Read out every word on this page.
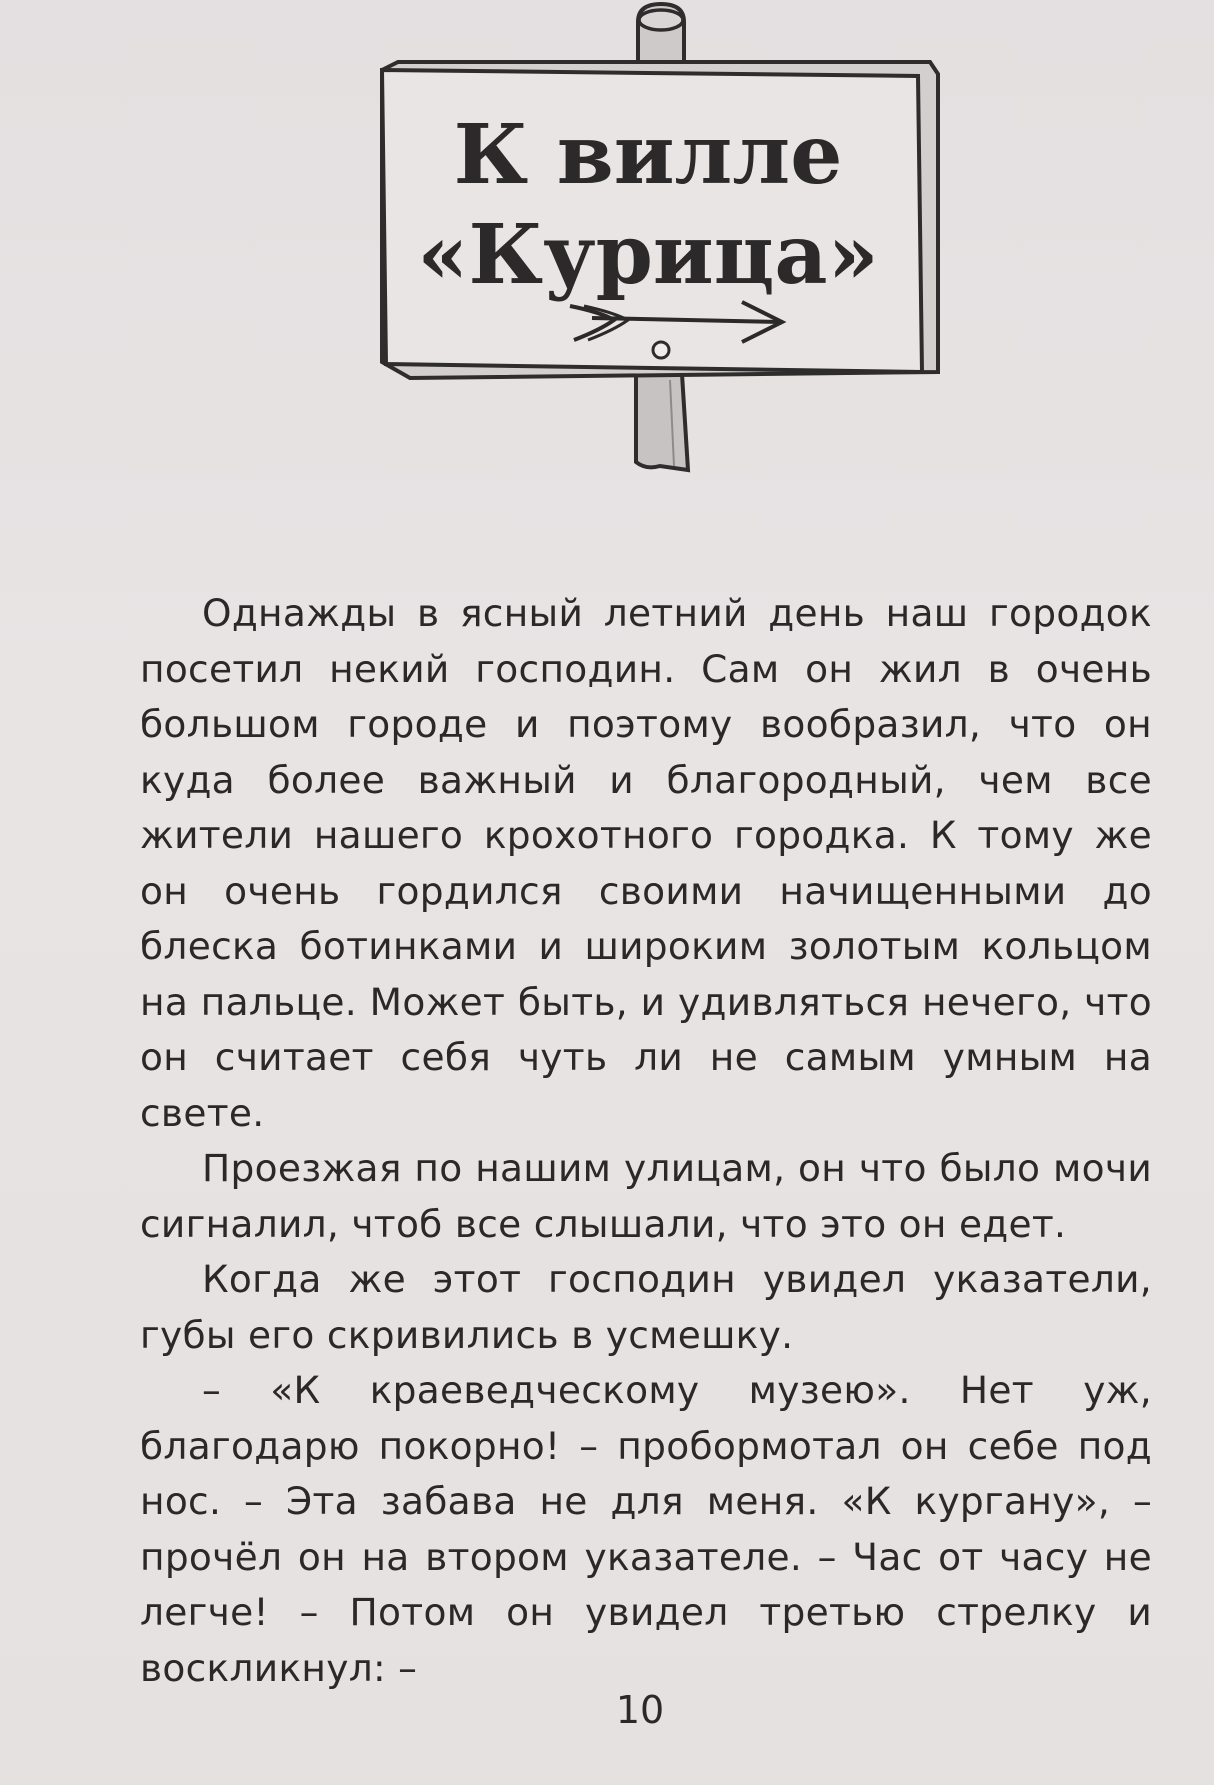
К вилле
«Курица»

Однажды в ясный летний день наш городок посетил некий господин. Сам он жил в очень большом городе и поэтому вообразил, что он куда более важный и благородный, чем все жители нашего крохотного городка. К тому же он очень гордился своими начищенными до блеска ботинками и широким золотым кольцом на пальце. Может быть, и удивляться нечего, что он считает себя чуть ли не самым умным на свете.

Проезжая по нашим улицам, он что было мочи сигналил, чтоб все слышали, что это он едет.

Когда же этот господин увидел указатели, губы его скривились в усмешку.

– «К краеведческому музею». Нет уж, благодарю покорно! – пробормотал он себе под нос. – Эта забава не для меня. «К кургану», – прочёл он на втором указателе. – Час от часу не легче! – Потом он увидел третью стрелку и воскликнул: –

10
